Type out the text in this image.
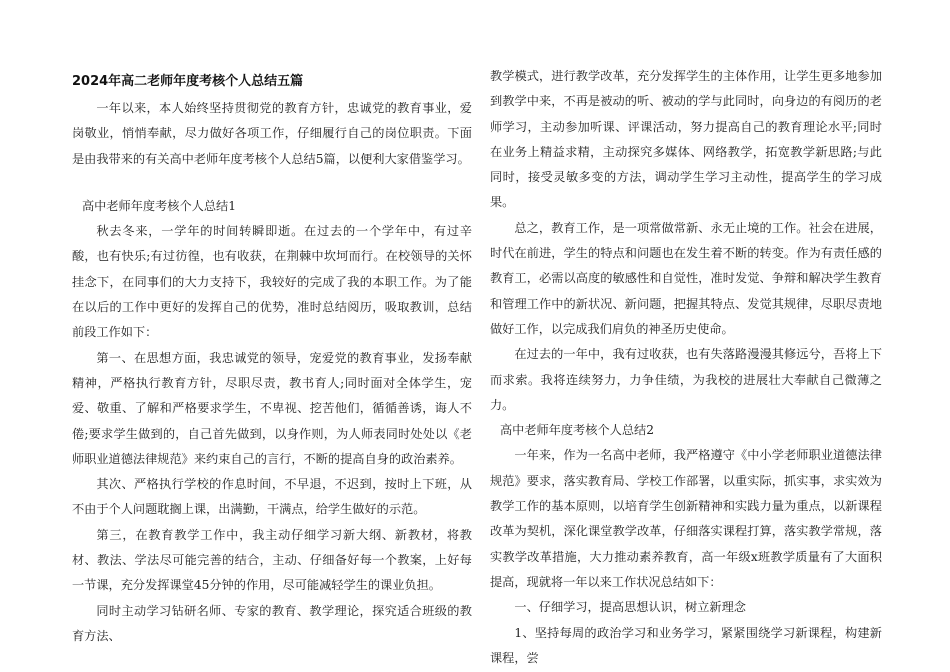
2024年高二老师年度考核个人总结五篇

一年以来，本人始终坚持贯彻党的教育方针，忠诚党的教育事业，爱岗敬业，悄悄奉献，尽力做好各项工作，仔细履行自己的岗位职责。下面是由我带来的有关高中老师年度考核个人总结5篇，以便利大家借鉴学习。

高中老师年度考核个人总结1

秋去冬来，一学年的时间转瞬即逝。在过去的一个学年中，有过辛酸，也有快乐;有过彷徨，也有收获，在荆棘中坎坷而行。在校领导的关怀挂念下，在同事们的大力支持下，我较好的完成了我的本职工作。为了能在以后的工作中更好的发挥自己的优势，准时总结阅历，吸取教训，总结前段工作如下：

第一、在思想方面，我忠诚党的领导，宠爱党的教育事业，发扬奉献精神，严格执行教育方针，尽职尽责，教书育人;同时面对全体学生，宠爱、敬重、了解和严格要求学生，不卑视、挖苦他们，循循善诱，诲人不倦;要求学生做到的，自己首先做到，以身作则，为人师表同时处处以《老师职业道德法律规范》来约束自己的言行，不断的提高自身的政治素养。

其次、严格执行学校的作息时间，不早退，不迟到，按时上下班，从不由于个人问题耽搁上课，出满勤，干满点，给学生做好的示范。

第三，在教育教学工作中，我主动仔细学习新大纲、新教材，将教材、教法、学法尽可能完善的结合，主动、仔细备好每一个教案，上好每一节课，充分发挥课堂45分钟的作用，尽可能减轻学生的课业负担。

同时主动学习钻研名师、专家的教育、教学理论，探究适合班级的教育方法、

教学模式，进行教学改革，充分发挥学生的主体作用，让学生更多地参加到教学中来，不再是被动的听、被动的学与此同时，向身边的有阅历的老师学习，主动参加听课、评课活动，努力提高自己的教育理论水平;同时在业务上精益求精，主动探究多媒体、网络教学，拓宽教学新思路;与此同时，接受灵敏多变的方法，调动学生学习主动性，提高学生的学习成果。

总之，教育工作，是一项常做常新、永无止境的工作。社会在进展，时代在前进，学生的特点和问题也在发生着不断的转变。作为有责任感的教育工，必需以高度的敏感性和自觉性，准时发觉、争辩和解决学生教育和管理工作中的新状况、新问题，把握其特点、发觉其规律，尽职尽责地做好工作，以完成我们肩负的神圣历史使命。

在过去的一年中，我有过收获，也有失落路漫漫其修远兮，吾将上下而求索。我将连续努力，力争佳绩，为我校的进展壮大奉献自己微薄之力。

高中老师年度考核个人总结2

一年来，作为一名高中老师，我严格遵守《中小学老师职业道德法律规范》要求，落实教育局、学校工作部署，以重实际，抓实事，求实效为教学工作的基本原则，以培育学生创新精神和实践力量为重点，以新课程改革为契机，深化课堂教学改革，仔细落实课程打算，落实教学常规，落实教学改革措施，大力推动素养教育，高一年级x班教学质量有了大面积提高，现就将一年以来工作状况总结如下：

一、仔细学习，提高思想认识，树立新理念

1、坚持每周的政治学习和业务学习，紧紧围绕学习新课程，构建新课程，尝
